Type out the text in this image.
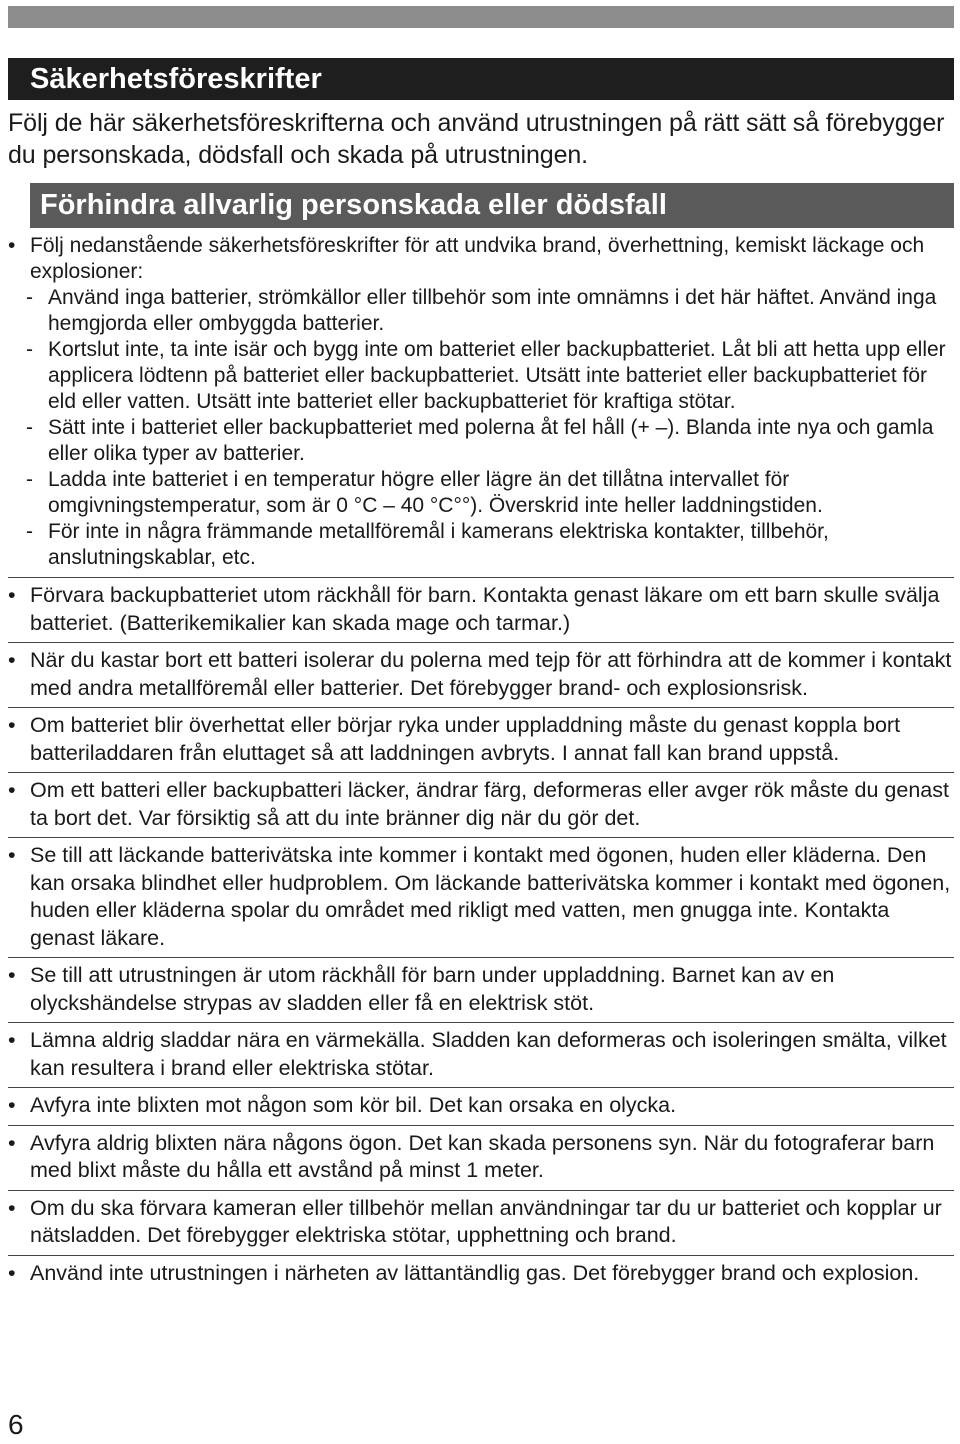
Säkerhetsföreskrifter

Följ de här säkerhetsföreskrifterna och använd utrustningen på rätt sätt så förebygger du personskada, dödsfall och skada på utrustningen.

Förhindra allvarlig personskada eller dödsfall
• Följ nedanstående säkerhetsföreskrifter för att undvika brand, överhettning, kemiskt läckage och explosioner:
- Använd inga batterier, strömkällor eller tillbehör som inte omnämns i det här häftet. Använd inga hemgjorda eller ombyggda batterier.
- Kortslut inte, ta inte isär och bygg inte om batteriet eller backupbatteriet. Låt bli att hetta upp eller applicera lödtenn på batteriet eller backupbatteriet. Utsätt inte batteriet eller backupbatteriet för eld eller vatten. Utsätt inte batteriet eller backupbatteriet för kraftiga stötar.
- Sätt inte i batteriet eller backupbatteriet med polerna åt fel håll (+ –). Blanda inte nya och gamla eller olika typer av batterier.
- Ladda inte batteriet i en temperatur högre eller lägre än det tillåtna intervallet för omgivningstemperatur, som är 0 °C – 40 °C°°). Överskrid inte heller laddningstiden.
- För inte in några främmande metallföremål i kamerans elektriska kontakter, tillbehör, anslutningskablar, etc.
• Förvara backupbatteriet utom räckhåll för barn. Kontakta genast läkare om ett barn skulle svälja batteriet. (Batterikemikalier kan skada mage och tarmar.)
• När du kastar bort ett batteri isolerar du polerna med tejp för att förhindra att de kommer i kontakt med andra metallföremål eller batterier. Det förebygger brand- och explosionsrisk.
• Om batteriet blir överhettat eller börjar ryka under uppladdning måste du genast koppla bort batteriladdaren från eluttaget så att laddningen avbryts. I annat fall kan brand uppstå.
• Om ett batteri eller backupbatteri läcker, ändrar färg, deformeras eller avger rök måste du genast ta bort det. Var försiktig så att du inte bränner dig när du gör det.
• Se till att läckande batterivätska inte kommer i kontakt med ögonen, huden eller kläderna. Den kan orsaka blindhet eller hudproblem. Om läckande batterivätska kommer i kontakt med ögonen, huden eller kläderna spolar du området med rikligt med vatten, men gnugga inte. Kontakta genast läkare.
• Se till att utrustningen är utom räckhåll för barn under uppladdning. Barnet kan av en olyckshändelse strypas av sladden eller få en elektrisk stöt.
• Lämna aldrig sladdar nära en värmekälla. Sladden kan deformeras och isoleringen smälta, vilket kan resultera i brand eller elektriska stötar.
• Avfyra inte blixten mot någon som kör bil. Det kan orsaka en olycka.
• Avfyra aldrig blixten nära någons ögon. Det kan skada personens syn. När du fotograferar barn med blixt måste du hålla ett avstånd på minst 1 meter.
• Om du ska förvara kameran eller tillbehör mellan användningar tar du ur batteriet och kopplar ur nätsladden. Det förebygger elektriska stötar, upphettning och brand.
• Använd inte utrustningen i närheten av lättantändlig gas. Det förebygger brand och explosion.
6
